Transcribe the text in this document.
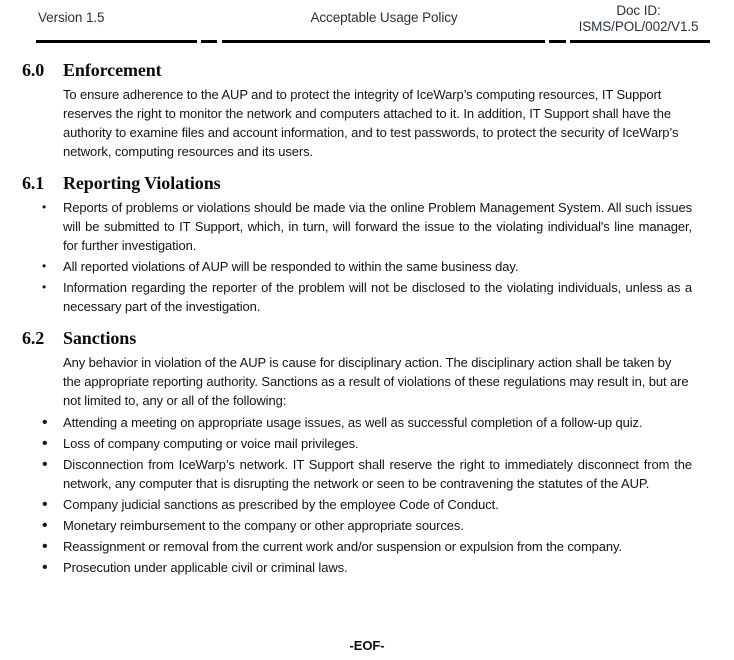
Version 1.5	Acceptable Usage Policy	Doc ID:
ISMS/POL/002/V1.5
6.0	Enforcement

To ensure adherence to the AUP and to protect the integrity of IceWarp’s computing resources, IT Support reserves the right to monitor the network and computers attached to it. In addition, IT Support shall have the authority to examine files and account information, and to test passwords, to protect the security of IceWarp’s network, computing resources and its users.

6.1	Reporting Violations
•	Reports of problems or violations should be made via the online Problem Management System. All such issues will be submitted to IT Support, which, in turn, will forward the issue to the violating individual's line manager, for further investigation.
•	All reported violations of AUP will be responded to within the same business day.
•	Information regarding the reporter of the problem will not be disclosed to the violating individuals, unless as a necessary part of the investigation.
6.2	Sanctions

Any behavior in violation of the AUP is cause for disciplinary action. The disciplinary action shall be taken by the appropriate reporting authority. Sanctions as a result of violations of these regulations may result in, but are not limited to, any or all of the following:

•	Attending a meeting on appropriate usage issues, as well as successful completion of a follow-up quiz.
•	Loss of company computing or voice mail privileges.
•	Disconnection from IceWarp’s network. IT Support shall reserve the right to immediately disconnect from the network, any computer that is disrupting the network or seen to be contravening the statutes of the AUP.
•	Company judicial sanctions as prescribed by the employee Code of Conduct.
•	Monetary reimbursement to the company or other appropriate sources.
•	Reassignment or removal from the current work and/or suspension or expulsion from the company.
•	Prosecution under applicable civil or criminal laws.
-EOF-
